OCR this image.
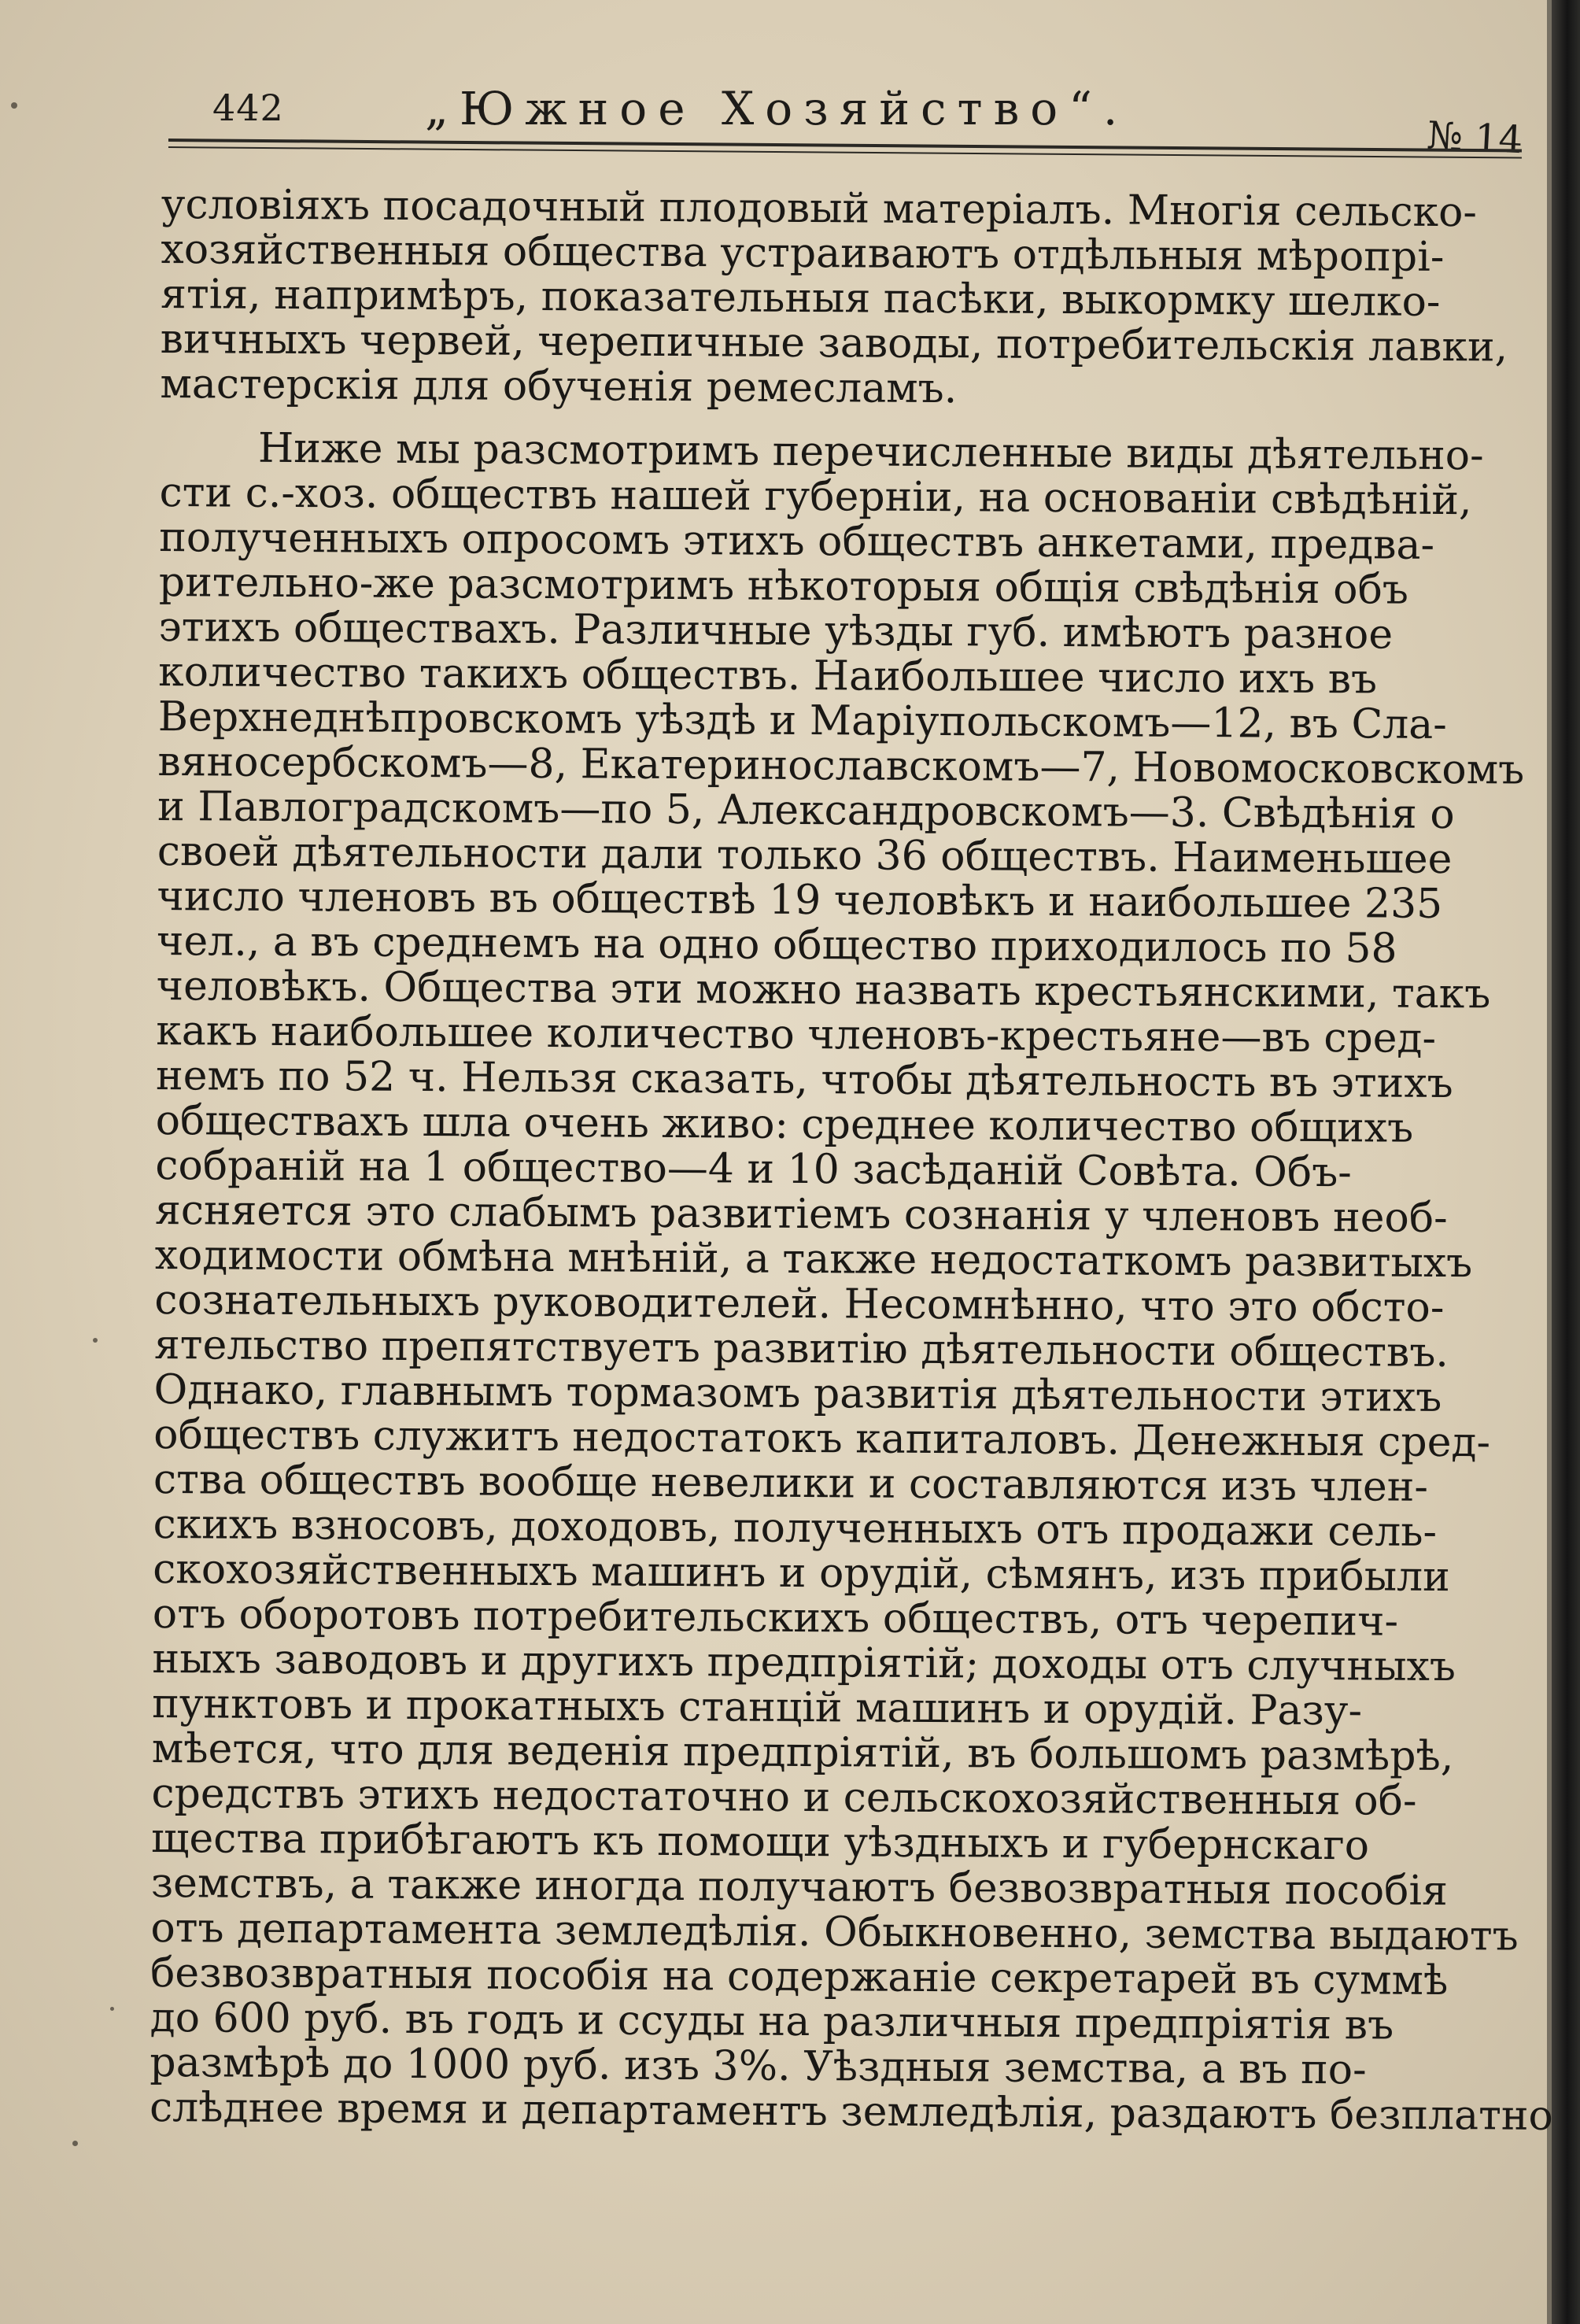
442	„Южное Хозяйство“.
№ 14
условіяхъ посадочный плодовый матеріалъ. Многія сельско-
хозяйственныя общества устраиваютъ отдѣльныя мѣропрі-
ятія, напримѣръ, показательныя пасѣки, выкормку шелко-
вичныхъ червей, черепичные заводы, потребительскія лавки,
мастерскія для обученія ремесламъ.
Ниже мы разсмотримъ перечисленные виды дѣятельно-
сти с.-хоз. обществъ нашей губерніи, на основаніи свѣдѣній,
полученныхъ опросомъ этихъ обществъ анкетами, предва-
рительно-же разсмотримъ нѣкоторыя общія свѣдѣнія объ
этихъ обществахъ. Различные уѣзды губ. имѣютъ разное
количество такихъ обществъ. Наибольшее число ихъ въ
Верхнеднѣпровскомъ уѣздѣ и Маріупольскомъ—12, въ Сла-
вяносербскомъ—8, Екатеринославскомъ—7, Новомосковскомъ
и Павлоградскомъ—по 5, Александровскомъ—3. Свѣдѣнія о
своей дѣятельности дали только 36 обществъ. Наименьшее
число членовъ въ обществѣ 19 человѣкъ и наибольшее 235
чел., а въ среднемъ на одно общество приходилось по 58
человѣкъ. Общества эти можно назвать крестьянскими, такъ
какъ наибольшее количество членовъ-крестьяне—въ сред-
немъ по 52 ч. Нельзя сказать, чтобы дѣятельность въ этихъ
обществахъ шла очень живо: среднее количество общихъ
собраній на 1 общество—4 и 10 засѣданій Совѣта. Объ-
ясняется это слабымъ развитіемъ сознанія у членовъ необ-
ходимости обмѣна мнѣній, а также недостаткомъ развитыхъ
сознательныхъ руководителей. Несомнѣнно, что это обсто-
ятельство препятствуетъ развитію дѣятельности обществъ.
Однако, главнымъ тормазомъ развитія дѣятельности этихъ
обществъ служитъ недостатокъ капиталовъ. Денежныя сред-
ства обществъ вообще невелики и составляются изъ член-
скихъ взносовъ, доходовъ, полученныхъ отъ продажи сель-
скохозяйственныхъ машинъ и орудій, сѣмянъ, изъ прибыли
отъ оборотовъ потребительскихъ обществъ, отъ черепич-
ныхъ заводовъ и другихъ предпріятій; доходы отъ случныхъ
пунктовъ и прокатныхъ станцій машинъ и орудій. Разу-
мѣется, что для веденія предпріятій, въ большомъ размѣрѣ,
средствъ этихъ недостаточно и сельскохозяйственныя об-
щества прибѣгаютъ къ помощи уѣздныхъ и губернскаго
земствъ, а также иногда получаютъ безвозвратныя пособія
отъ департамента земледѣлія. Обыкновенно, земства выдаютъ
безвозвратныя пособія на содержаніе секретарей въ суммѣ
до 600 руб. въ годъ и ссуды на различныя предпріятія въ
размѣрѣ до 1000 руб. изъ 3%. Уѣздныя земства, а въ по-
слѣднее время и департаментъ земледѣлія, раздаютъ безплатно
